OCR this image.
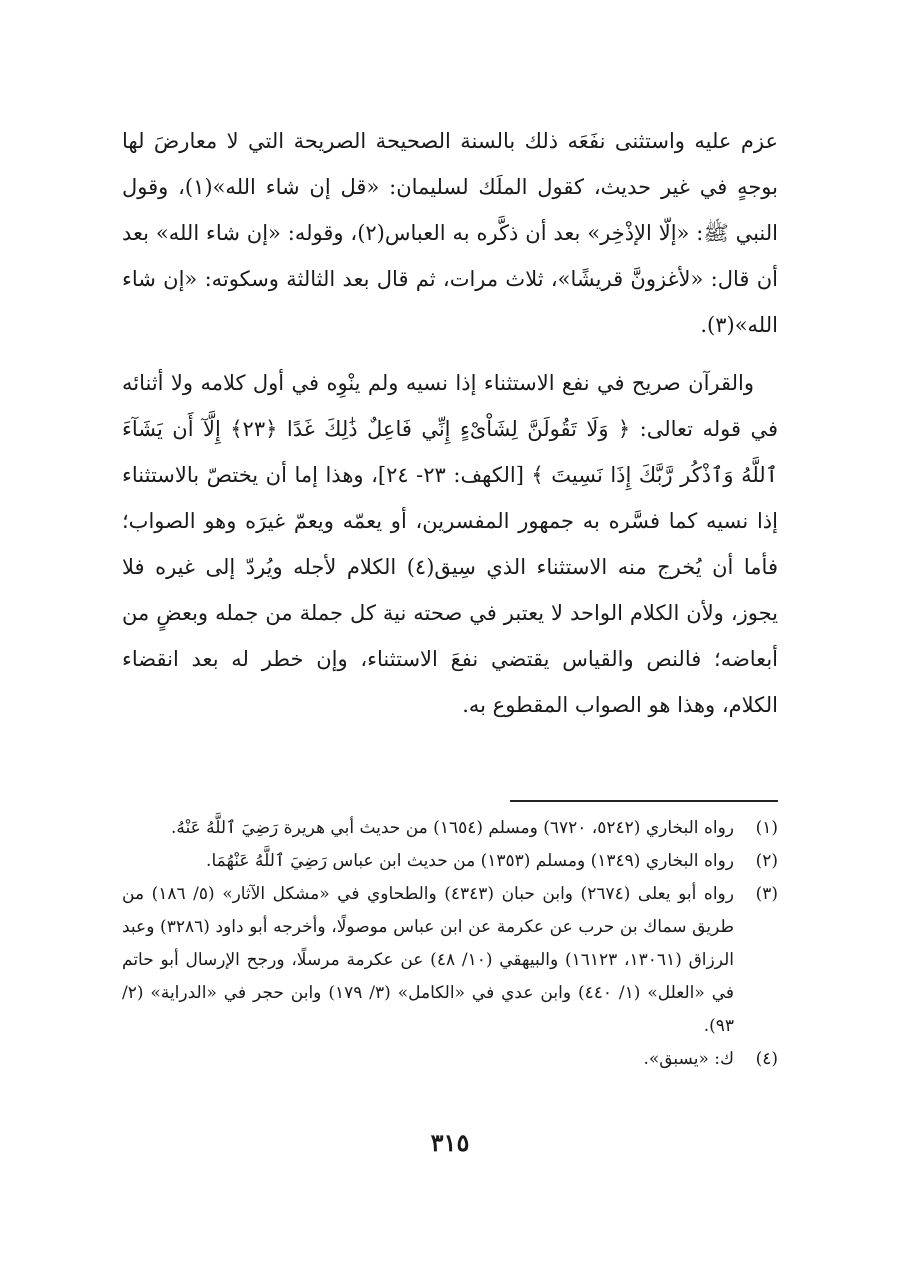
عزم عليه واستثنى نفَعَه ذلك بالسنة الصحيحة الصريحة التي لا معارضَ لها بوجهٍ في غير حديث، كقول الملَك لسليمان: «قل إن شاء الله»(١)، وقول النبي ﷺ: «إلّا الإذْخِر» بعد أن ذكَّره به العباس(٢)، وقوله: «إن شاء الله» بعد أن قال: «لأغزونَّ قريشًا»، ثلاث مرات، ثم قال بعد الثالثة وسكوته: «إن شاء الله»(٣).

والقرآن صريح في نفع الاستثناء إذا نسيه ولم ينْوِه في أول كلامه ولا أثنائه في قوله تعالى: ﴿ وَلَا تَقُولَنَّ لِشَاْىْءٍ إِنِّي فَاعِلٌ ذَٰلِكَ غَدًا ﴿٢٣﴾ إِلَّآ أَن يَشَآءَ ٱللَّهُ وَٱذْكُر رَّبَّكَ إِذَا نَسِيتَ ﴾ [الكهف: ٢٣- ٢٤]، وهذا إما أن يختصّ بالاستثناء إذا نسيه كما فسَّره به جمهور المفسرين، أو يعمّه ويعمّ غيرَه وهو الصواب؛ فأما أن يُخرج منه الاستثناء الذي سِيق(٤) الكلام لأجله ويُردّ إلى غيره فلا يجوز، ولأن الكلام الواحد لا يعتبر في صحته نية كل جملة من جمله وبعضٍ من أبعاضه؛ فالنص والقياس يقتضي نفعَ الاستثناء، وإن خطر له بعد انقضاء الكلام، وهذا هو الصواب المقطوع به.

(١)
رواه البخاري (٥٢٤٢، ٦٧٢٠) ومسلم (١٦٥٤) من حديث أبي هريرة رَضِيَ ٱللَّهُ عَنْهُ.
(٢)
رواه البخاري (١٣٤٩) ومسلم (١٣٥٣) من حديث ابن عباس رَضِيَ ٱللَّهُ عَنْهُمَا.
(٣)
رواه أبو يعلى (٢٦٧٤) وابن حبان (٤٣٤٣) والطحاوي في «مشكل الآثار» (٥/ ١٨٦) من طريق سماك بن حرب عن عكرمة عن ابن عباس موصولًا، وأخرجه أبو داود (٣٢٨٦) وعبد الرزاق (١٣٠٦١، ١٦١٢٣) والبيهقي (١٠/ ٤٨) عن عكرمة مرسلًا، ورجح الإرسال أبو حاتم في «العلل» (١/ ٤٤٠) وابن عدي في «الكامل» (٣/ ١٧٩) وابن حجر في «الدراية» (٢/ ٩٣).
(٤)
ك: «يسبق».
٣١٥
